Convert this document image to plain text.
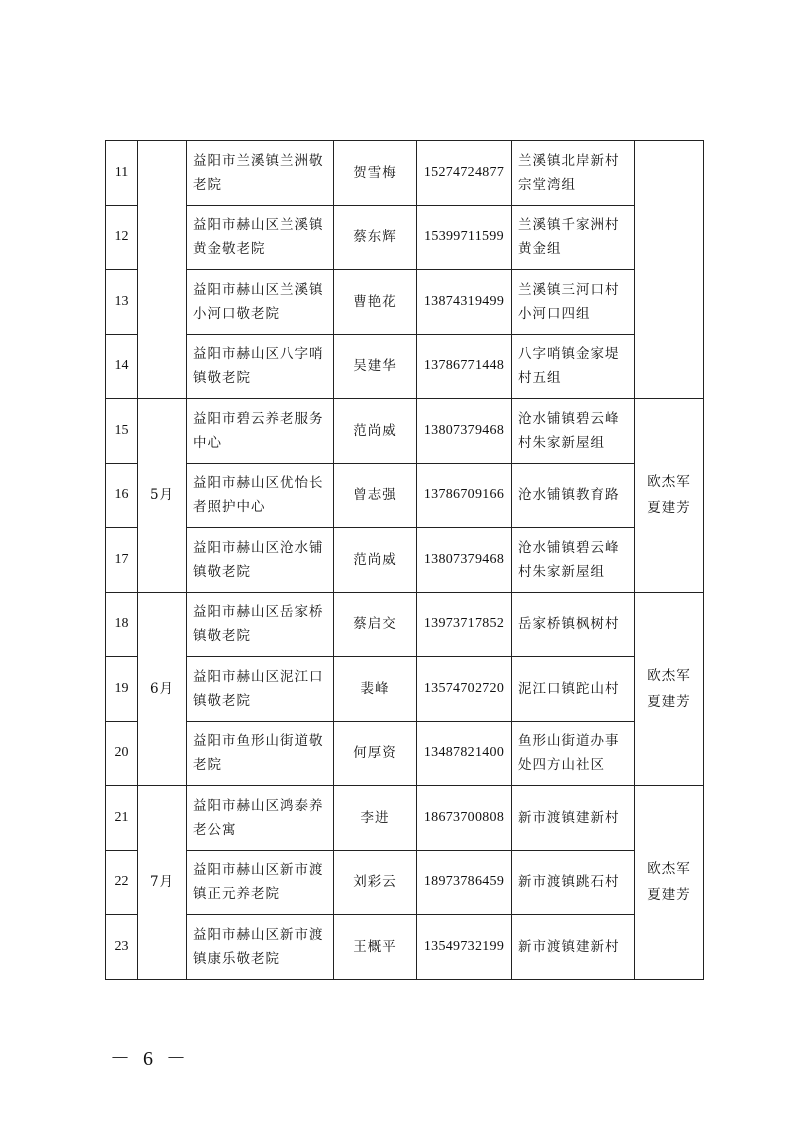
11		益阳市兰溪镇兰洲敬老院	贺雪梅	15274724877	兰溪镇北岸新村宗堂湾组	
12		益阳市赫山区兰溪镇黄金敬老院	蔡东辉	15399711599	兰溪镇千家洲村黄金组	
13		益阳市赫山区兰溪镇小河口敬老院	曹艳花	13874319499	兰溪镇三河口村小河口四组	
14		益阳市赫山区八字哨镇敬老院	吴建华	13786771448	八字哨镇金家堤村五组	
15	5月	益阳市碧云养老服务中心	范尚威	13807379468	沧水铺镇碧云峰村朱家新屋组	欧杰军
夏建芳

16		益阳市赫山区优怡长者照护中心	曾志强	13786709166	沧水铺镇教育路	
17		益阳市赫山区沧水铺镇敬老院	范尚威	13807379468	沧水铺镇碧云峰村朱家新屋组	
18	6月	益阳市赫山区岳家桥镇敬老院	蔡启交	13973717852	岳家桥镇枫树村	欧杰军
夏建芳

19		益阳市赫山区泥江口镇敬老院	裴峰	13574702720	泥江口镇跎山村	
20		益阳市鱼形山街道敬老院	何厚资	13487821400	鱼形山街道办事处四方山社区	
21	7月	益阳市赫山区鸿泰养老公寓	李进	18673700808	新市渡镇建新村	欧杰军
夏建芳

22		益阳市赫山区新市渡镇正元养老院	刘彩云	18973786459	新市渡镇跳石村	
23		益阳市赫山区新市渡镇康乐敬老院	王概平	13549732199	新市渡镇建新村	
－ 6 －
